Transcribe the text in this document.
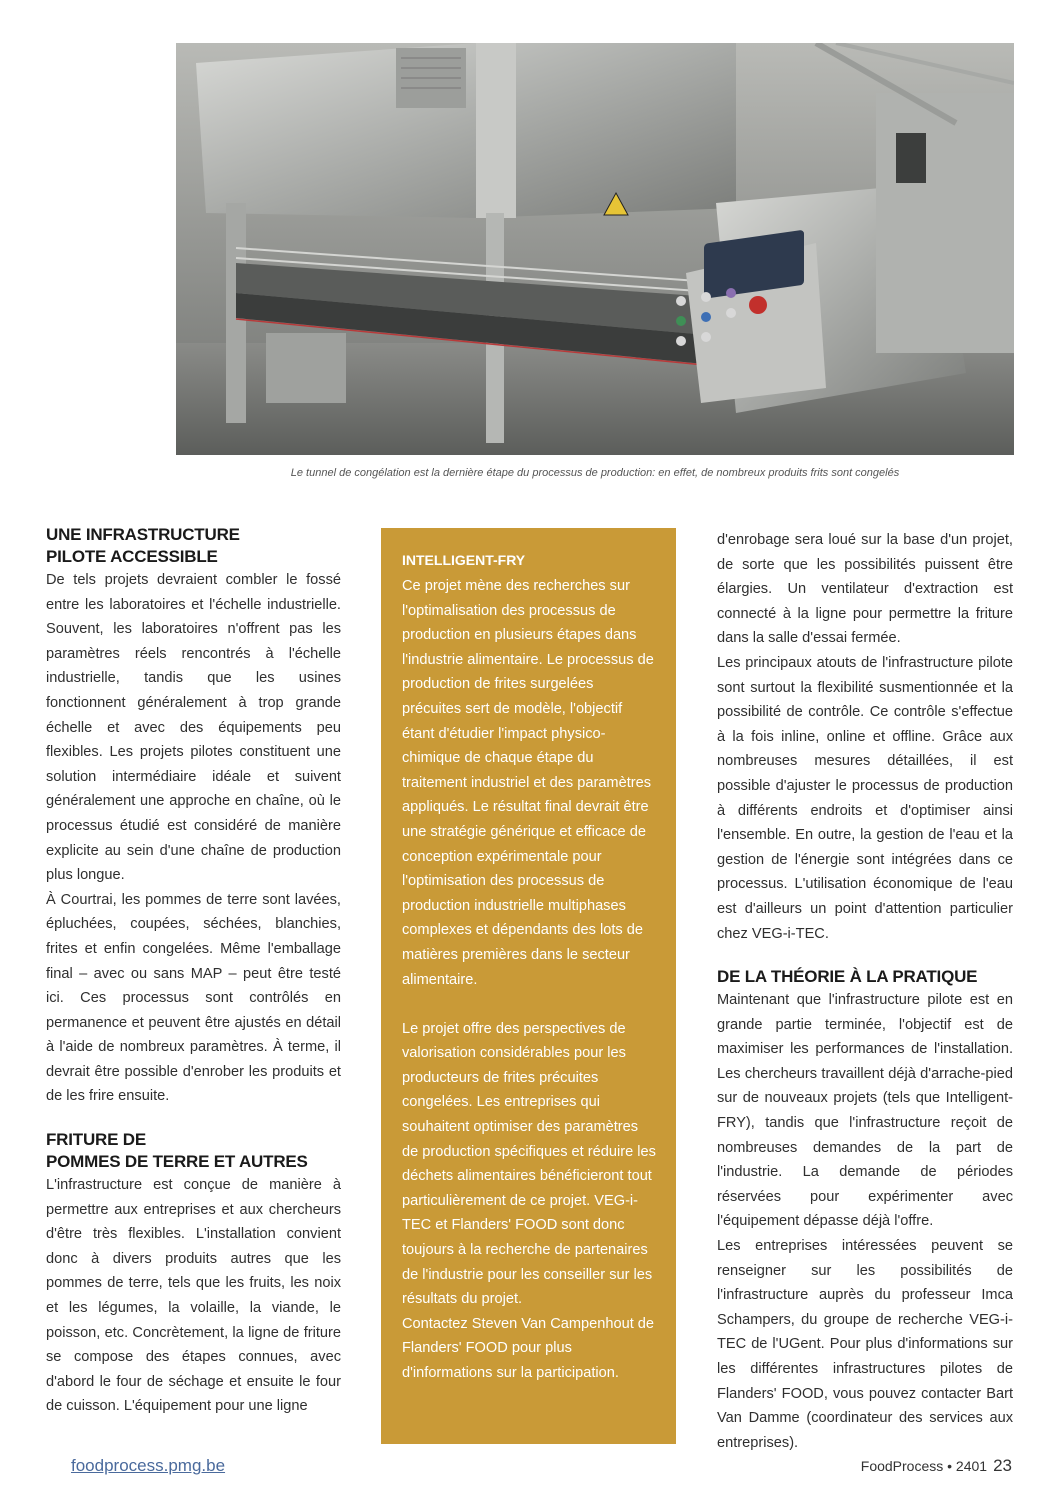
Le tunnel de congélation est la dernière étape du processus de production: en effet, de nombreux produits frits sont congelés
UNE INFRASTRUCTURE
PILOTE ACCESSIBLE

De tels projets devraient combler le fossé entre les laboratoires et l'échelle industrielle. Souvent, les laboratoires n'offrent pas les paramètres réels rencontrés à l'échelle industrielle, tandis que les usines fonctionnent généralement à trop grande échelle et avec des équipements peu flexibles. Les projets pilotes constituent une solution intermédiaire idéale et suivent généralement une approche en chaîne, où le processus étudié est considéré de manière explicite au sein d'une chaîne de production plus longue.

À Courtrai, les pommes de terre sont lavées, épluchées, coupées, séchées, blanchies, frites et enfin congelées. Même l'emballage final – avec ou sans MAP – peut être testé ici. Ces processus sont contrôlés en permanence et peuvent être ajustés en détail à l'aide de nombreux paramètres. À terme, il devrait être possible d'enrober les produits et de les frire ensuite.

FRITURE DE
POMMES DE TERRE ET AUTRES

L'infrastructure est conçue de manière à permettre aux entreprises et aux chercheurs d'être très flexibles. L'installation convient donc à divers produits autres que les pommes de terre, tels que les fruits, les noix et les légumes, la volaille, la viande, le poisson, etc. Concrètement, la ligne de friture se compose des étapes connues, avec d'abord le four de séchage et ensuite le four de cuisson. L'équipement pour une ligne

INTELLIGENT-FRY

Ce projet mène des recherches sur l'optimalisation des processus de production en plusieurs étapes dans l'industrie alimentaire. Le processus de production de frites surgelées précuites sert de modèle, l'objectif étant d'étudier l'impact physico-chimique de chaque étape du traitement industriel et des paramètres appliqués. Le résultat final devrait être une stratégie générique et efficace de conception expérimentale pour l'optimisation des processus de production industrielle multiphases complexes et dépendants des lots de matières premières dans le secteur alimentaire.

Le projet offre des perspectives de valorisation considérables pour les producteurs de frites précuites congelées. Les entreprises qui souhaitent optimiser des paramètres de production spécifiques et réduire les déchets alimentaires bénéficieront tout particulièrement de ce projet. VEG-i-TEC et Flanders' FOOD sont donc toujours à la recherche de partenaires de l'industrie pour les conseiller sur les résultats du projet.

Contactez Steven Van Campenhout de Flanders' FOOD pour plus d'informations sur la participation.

d'enrobage sera loué sur la base d'un projet, de sorte que les possibilités puissent être élargies. Un ventilateur d'extraction est connecté à la ligne pour permettre la friture dans la salle d'essai fermée.

Les principaux atouts de l'infrastructure pilote sont surtout la flexibilité susmentionnée et la possibilité de contrôle. Ce contrôle s'effectue à la fois inline, online et offline. Grâce aux nombreuses mesures détaillées, il est possible d'ajuster le processus de production à différents endroits et d'optimiser ainsi l'ensemble. En outre, la gestion de l'eau et la gestion de l'énergie sont intégrées dans ce processus. L'utilisation économique de l'eau est d'ailleurs un point d'attention particulier chez VEG-i-TEC.

DE LA THÉORIE À LA PRATIQUE

Maintenant que l'infrastructure pilote est en grande partie terminée, l'objectif est de maximiser les performances de l'installation. Les chercheurs travaillent déjà d'arrache-pied sur de nouveaux projets (tels que Intelligent-FRY), tandis que l'infrastructure reçoit de nombreuses demandes de la part de l'industrie. La demande de périodes réservées pour expérimenter avec l'équipement dépasse déjà l'offre.

Les entreprises intéressées peuvent se renseigner sur les possibilités de l'infrastructure auprès du professeur Imca Schampers, du groupe de recherche VEG-i-TEC de l'UGent. Pour plus d'informations sur les différentes infrastructures pilotes de Flanders' FOOD, vous pouvez contacter Bart Van Damme (coordinateur des services aux entreprises).

foodprocess.pmg.be	FoodProcess • 2401 23
